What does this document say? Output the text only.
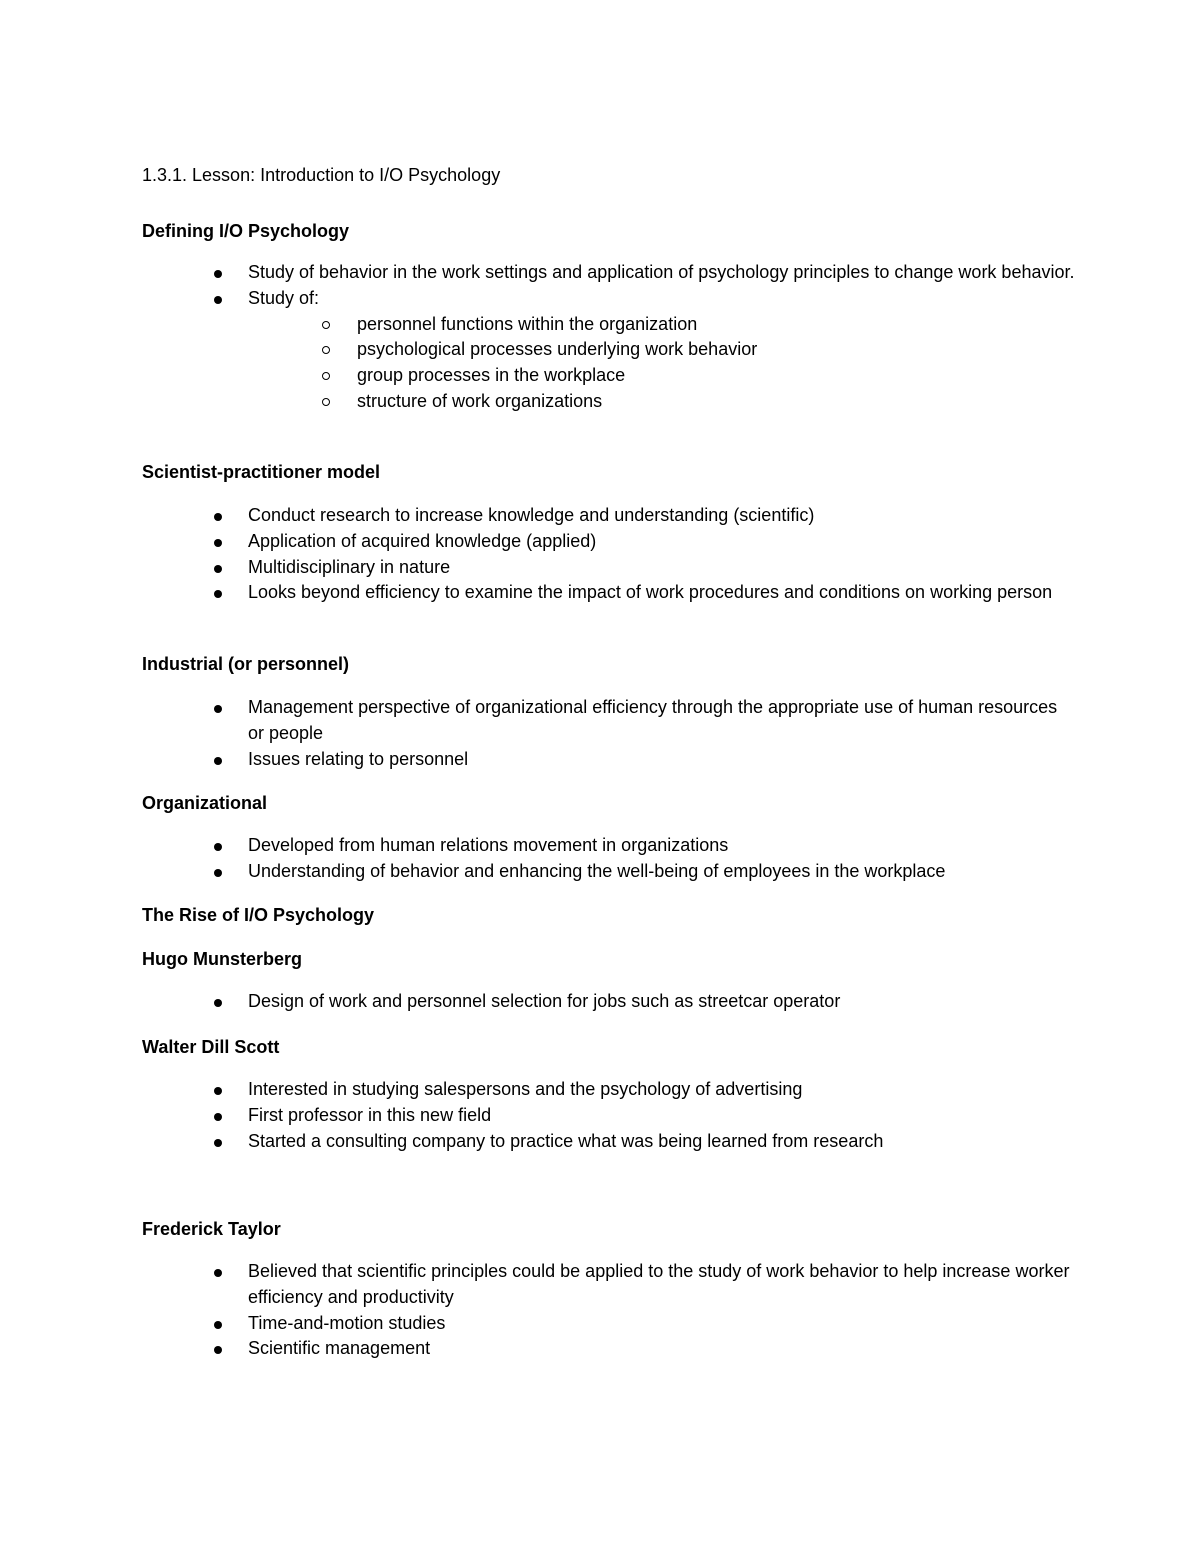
1.3.1. Lesson: Introduction to I/O Psychology
Defining I/O Psychology
Study of behavior in the work settings and application of psychology principles to change work behavior.
Study of:
personnel functions within the organization
psychological processes underlying work behavior
group processes in the workplace
structure of work organizations
Scientist-practitioner model
Conduct research to increase knowledge and understanding (scientific)
Application of acquired knowledge (applied)
Multidisciplinary in nature
Looks beyond efficiency to examine the impact of work procedures and conditions on working person
Industrial (or personnel)
Management perspective of organizational efficiency through the appropriate use of human resources or people
Issues relating to personnel
Organizational
Developed from human relations movement in organizations
Understanding of behavior and enhancing the well-being of employees in the workplace
The Rise of I/O Psychology
Hugo Munsterberg
Design of work and personnel selection for jobs such as streetcar operator
Walter Dill Scott
Interested in studying salespersons and the psychology of advertising
First professor in this new field
Started a consulting company to practice what was being learned from research
Frederick Taylor
Believed that scientific principles could be applied to the study of work behavior to help increase worker efficiency and productivity
Time-and-motion studies
Scientific management
